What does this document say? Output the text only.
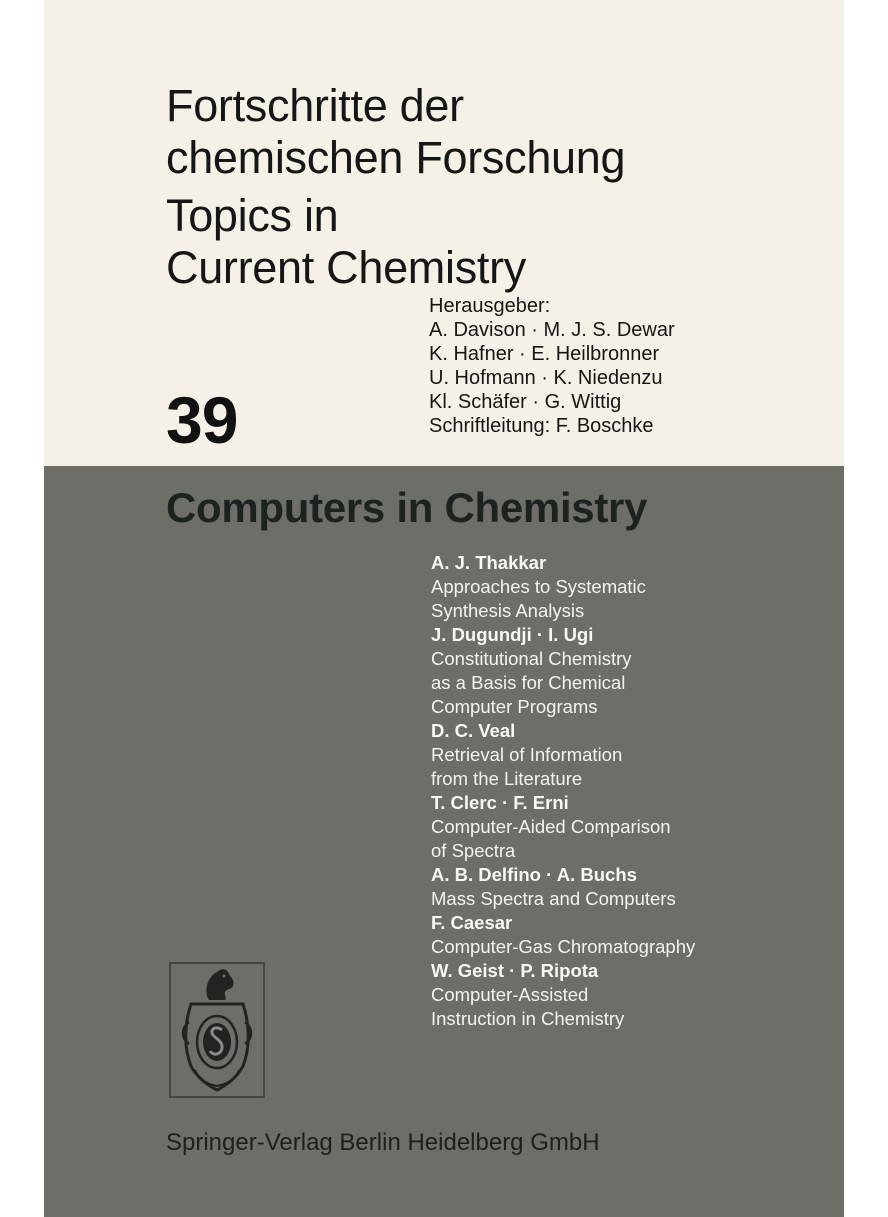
Fortschritte der
chemischen Forschung
Topics in
Current Chemistry
39
Herausgeber:
A. Davison · M. J. S. Dewar
K. Hafner · E. Heilbronner
U. Hofmann · K. Niedenzu
Kl. Schäfer · G. Wittig
Schriftleitung: F. Boschke
Computers in Chemistry
A. J. Thakkar
Approaches to Systematic
Synthesis Analysis
J. Dugundji · I. Ugi
Constitutional Chemistry
as a Basis for Chemical
Computer Programs
D. C. Veal
Retrieval of Information
from the Literature
T. Clerc · F. Erni
Computer-Aided Comparison
of Spectra
A. B. Delfino · A. Buchs
Mass Spectra and Computers
F. Caesar
Computer-Gas Chromatography
W. Geist · P. Ripota
Computer-Assisted
Instruction in Chemistry
Springer-Verlag Berlin Heidelberg GmbH
